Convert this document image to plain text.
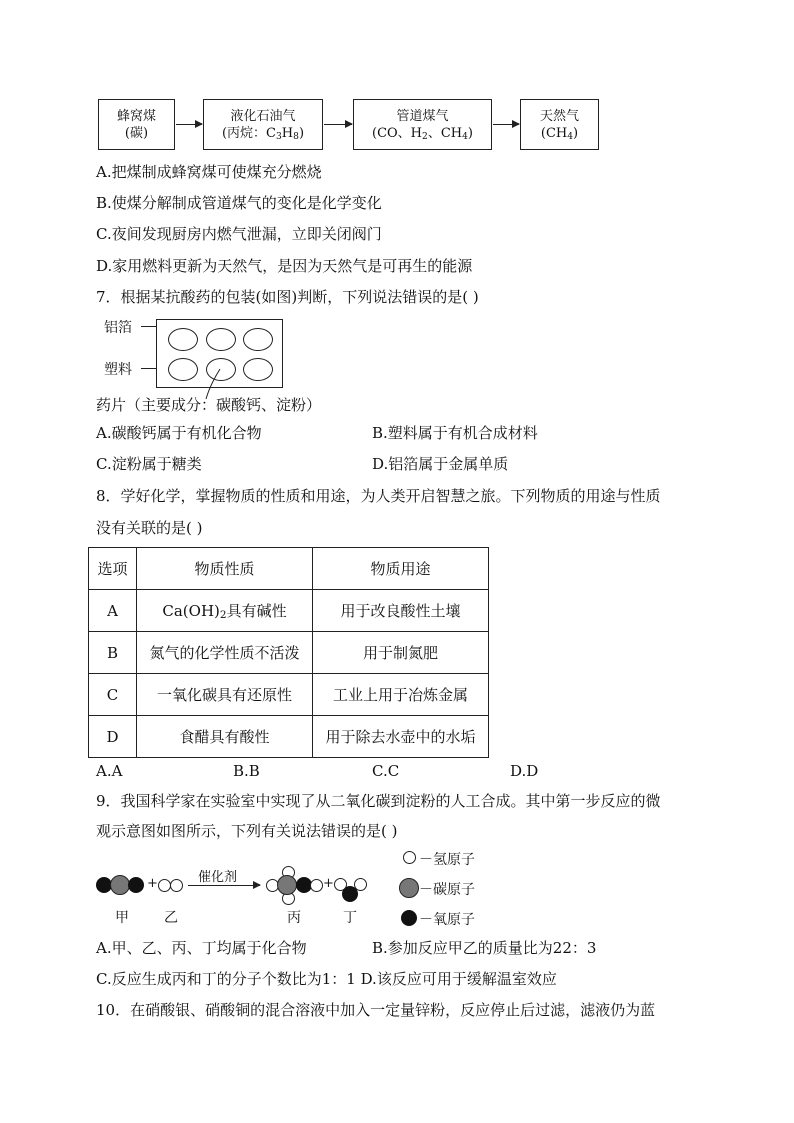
蜂窝煤
(碳)
液化石油气
(丙烷：$C_3H_8$)
管道煤气
(CO、$H_2$、$CH_4$)
天然气
$(CH_4)$
A.把煤制成蜂窝煤可使煤充分燃烧
B.使煤分解制成管道煤气的变化是化学变化
C.夜间发现厨房内燃气泄漏，立即关闭阀门
D.家用燃料更新为天然气，是因为天然气是可再生的能源
7．根据某抗酸药的包装(如图)判断，下列说法错误的是( )
铝箔
塑料
药片（主要成分：碳酸钙、淀粉）
A.碳酸钙属于有机化合物	B.塑料属于有机合成材料
C.淀粉属于糖类	D.铝箔属于金属单质
8．学好化学，掌握物质的性质和用途，为人类开启智慧之旅。下列物质的用途与性质
没有关联的是( )
选项	物质性质	物质用途
A	$Ca(OH)_2$具有碱性	用于改良酸性土壤
B	氮气的化学性质不活泼	用于制氮肥
C	一氧化碳具有还原性	工业上用于冶炼金属
D	食醋具有酸性	用于除去水壶中的水垢
A.A	B.B	C.C	D.D
9．我国科学家在实验室中实现了从二氧化碳到淀粉的人工合成。其中第一步反应的微
观示意图如图所示，下列有关说法错误的是( )
+	催化剂	+
甲	乙	丙	丁
－氢原子
－碳原子
－氧原子
A.甲、乙、丙、丁均属于化合物	B.参加反应甲乙的质量比为22：3
C.反应生成丙和丁的分子个数比为1：1 D.该反应可用于缓解温室效应
10．在硝酸银、硝酸铜的混合溶液中加入一定量锌粉，反应停止后过滤，滤液仍为蓝
